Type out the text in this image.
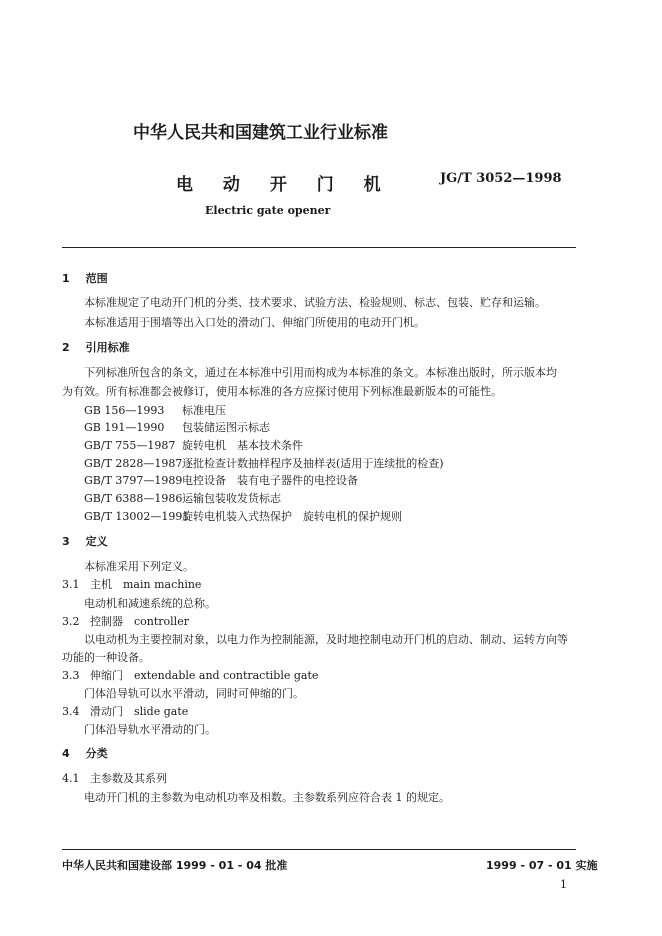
中华人民共和国建筑工业行业标准
电 动 开 门 机	JG/T 3052—1998
Electric gate opener
1 范围
本标准规定了电动开门机的分类、技术要求、试验方法、检验规则、标志、包装、贮存和运输。
本标准适用于围墙等出入口处的滑动门、伸缩门所使用的电动开门机。
2 引用标准
下列标准所包含的条文，通过在本标准中引用而构成为本标准的条文。本标准出版时，所示版本均
为有效。所有标准都会被修订，使用本标准的各方应探讨使用下列标准最新版本的可能性。
GB 156—1993 标准电压
GB 191—1990 包装储运图示标志
GB/T 755—1987 旋转电机　基本技术条件
GB/T 2828—1987逐批检查计数抽样程序及抽样表(适用于连续批的检查)
GB/T 3797—1989电控设备　装有电子器件的电控设备
GB/T 6388—1986运输包装收发货标志
GB/T 13002—1991旋转电机装入式热保护　旋转电机的保护规则
3 定义
本标准采用下列定义。
3.1 主机　main machine
电动机和减速系统的总称。
3.2 控制器　controller
以电动机为主要控制对象，以电力作为控制能源，及时地控制电动开门机的启动、制动、运转方向等
功能的一种设备。
3.3 伸缩门　extendable and contractible gate
门体沿导轨可以水平滑动，同时可伸缩的门。
3.4 滑动门　slide gate
门体沿导轨水平滑动的门。
4 分类
4.1 主参数及其系列
电动开门机的主参数为电动机功率及相数。主参数系列应符合表 1 的规定。
中华人民共和国建设部 1999 - 01 - 04 批准	1999 - 07 - 01 实施
1
